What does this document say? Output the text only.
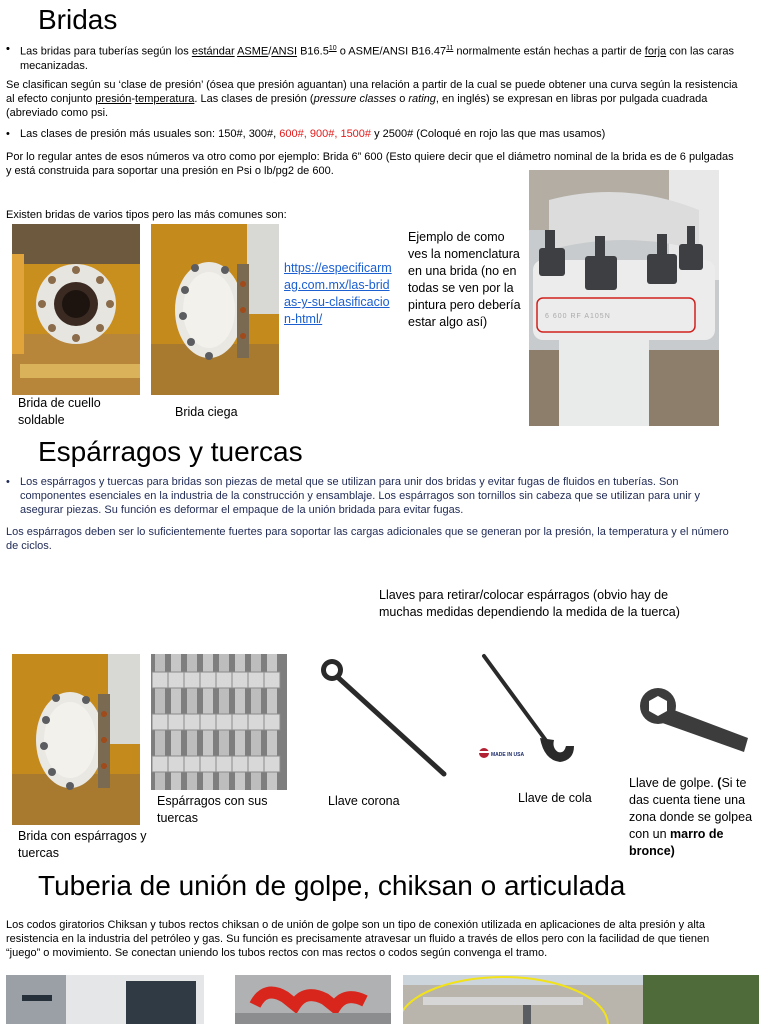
Bridas
• Las bridas para tuberías según los estándar ASME/ANSI B16.5$^{10}$ o ASME/ANSI B16.47$^{11}$ normalmente están hechas a partir de forja con las caras mecanizadas.
Se clasifican según su ‘clase de presión’ (ósea que presión aguantan) una relación a partir de la cual se puede obtener una curva según la resistencia al efecto conjunto presión-temperatura. Las clases de presión (pressure classes o rating, en inglés) se expresan en libras por pulgada cuadrada (abreviado como psi.
• Las clases de presión más usuales son: 150#, 300#, 600#, 900#, 1500# y 2500# (Coloqué en rojo las que mas usamos)
Por lo regular antes de esos números va otro como por ejemplo: Brida 6” 600 (Esto quiere decir que el diámetro nominal de la brida es de 6 pulgadas y está construida para soportar una presión en Psi o lb/pg2 de 600.
Existen bridas de varios tipos pero las más comunes son:
Brida de cuello soldable
Brida ciega
https://especificarmag.com.mx/las-bridas-y-su-clasificacion-html/
Ejemplo de como ves la nomenclatura en una brida (no en todas se ven por la pintura pero debería estar algo así)	6 600 RF A105N
Espárragos y tuercas
• Los espárragos y tuercas para bridas son piezas de metal que se utilizan para unir dos bridas y evitar fugas de fluidos en tuberías. Son componentes esenciales en la industria de la construcción y ensamblaje. Los espárragos son tornillos sin cabeza que se utilizan para unir y asegurar piezas. Su función es deformar el empaque de la unión bridada para evitar fugas.
Los espárragos deben ser lo suficientemente fuertes para soportar las cargas adicionales que se generan por la presión, la temperatura y el número de ciclos.
Llaves para retirar/colocar espárragos (obvio hay de muchas medidas dependiendo la medida de la tuerca)
Brida con espárragos y tuercas
Espárragos con sus tuercas
Llave corona
MADE IN USA
Llave de cola
Llave de golpe. (Si te das cuenta tiene una zona donde se golpea con un marro de bronce)
Tuberia de unión de golpe, chiksan o articulada
Los codos giratorios Chiksan y tubos rectos chiksan o de unión de golpe son un tipo de conexión utilizada en aplicaciones de alta presión y alta resistencia en la industria del petróleo y gas. Su función es precisamente atravesar un fluido a través de ellos pero con la facilidad de que tienen “juego” o movimiento. Se conectan uniendo los tubos rectos con mas rectos o codos según convenga el tramo.
